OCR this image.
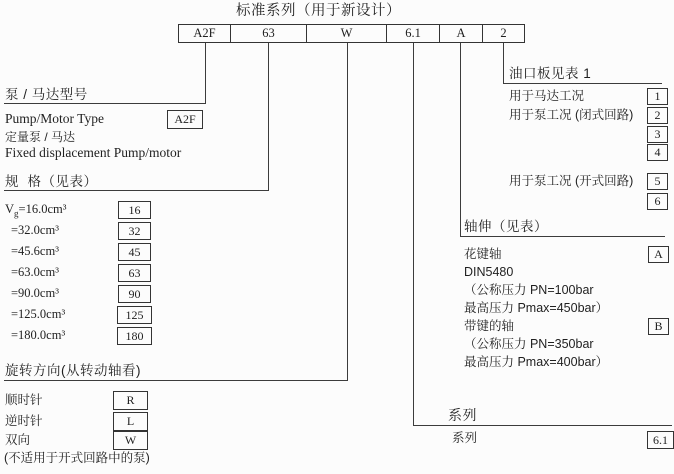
标准系列（用于新设计）
A2F	63	W	6.1	A	2
泵 / 马达型号
Pump/Motor Type	A2F
定量泵 / 马达
Fixed displacement Pump/motor
规  格（见表）
$V_g=16.0cm^3$	16
=32.0cm³	32
=45.6cm³	45
=63.0cm³	63
=90.0cm³	90
=125.0cm³	125
=180.0cm³	180
旋转方向(从转动轴看)
顺时针	R
逆时针	L
双向	W
(不适用于开式回路中的泵)
油口板见表 1
用于马达工况	1
用于泵工况 (闭式回路)	2
3
4
用于泵工况 (开式回路)	5
6
轴伸（见表）
花键轴	A
DIN5480
（公称压力 PN=100bar
最高压力 Pmax=450bar）
带键的轴	B
（公称压力 PN=350bar
最高压力 Pmax=400bar）
系列
系列	6.1
